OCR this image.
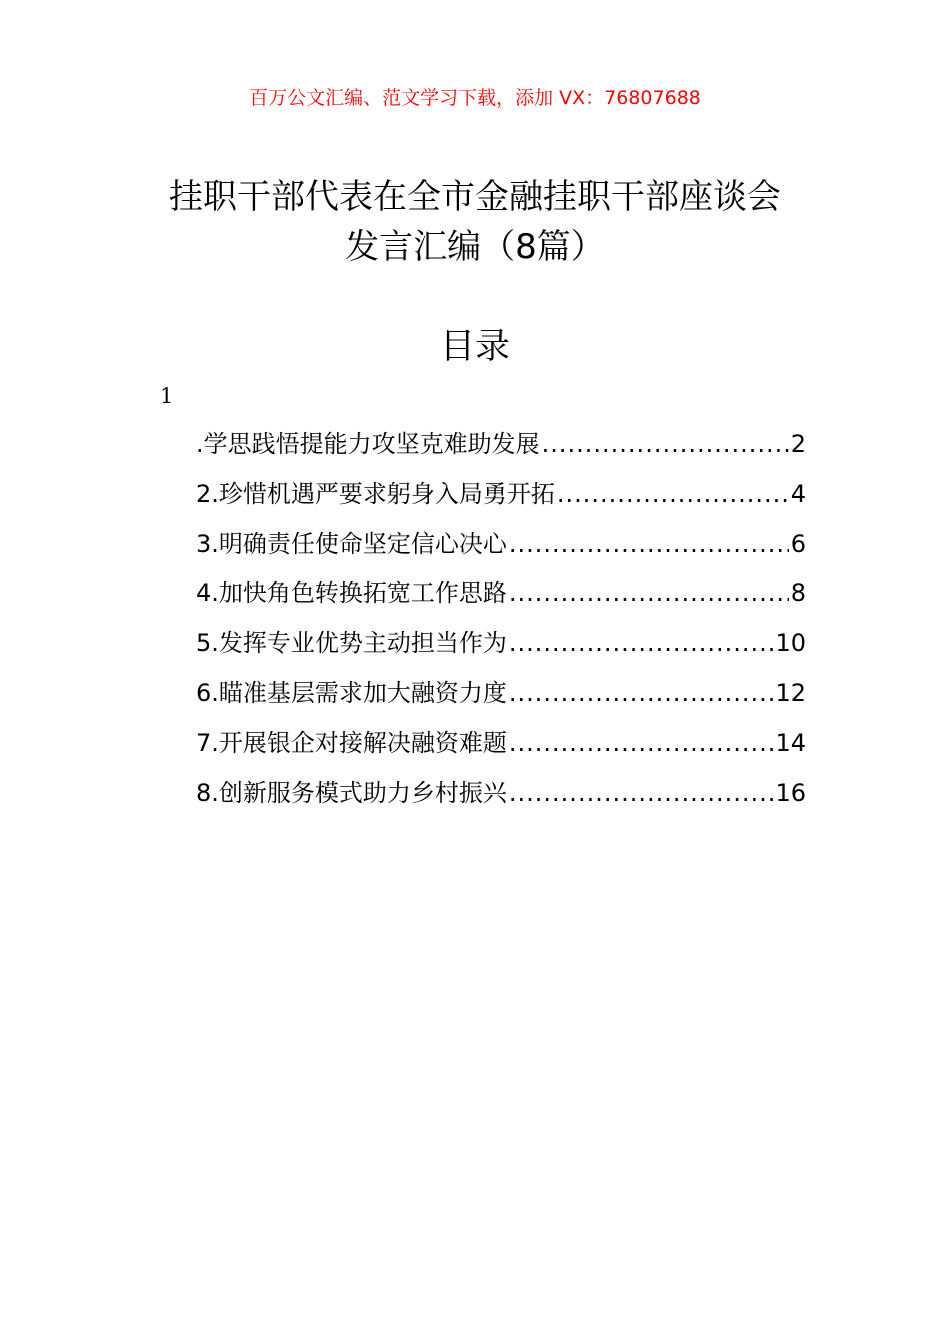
百万公文汇编、范文学习下载，添加 VX：76807688
挂职干部代表在全市金融挂职干部座谈会
发言汇编（8篇）
目录
1
.学思践悟提能力攻坚克难助发展 .....	2
2.珍惜机遇严要求躬身入局勇开拓 .....	4
3.明确责任使命坚定信心决心 .....	6
4.加快角色转换拓宽工作思路 .....	8
5.发挥专业优势主动担当作为 .....	10
6.瞄准基层需求加大融资力度 .....	12
7.开展银企对接解决融资难题 .....	14
8.创新服务模式助力乡村振兴 .....	16
